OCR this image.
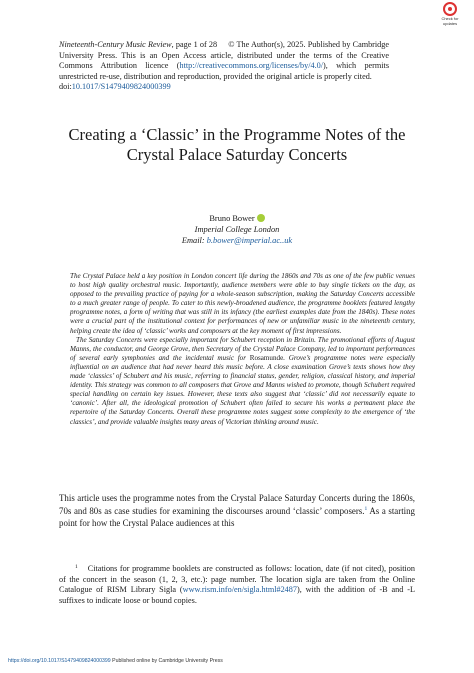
Check for
updates
Nineteenth-Century Music Review, page 1 of 28 © The Author(s), 2025. Published by Cambridge University Press. This is an Open Access article, distributed under the terms of the Creative Commons Attribution licence (http://creativecommons.org/licenses/by/4.0/), which permits unrestricted re-use, distribution and reproduction, provided the original article is properly cited.
doi:10.1017/S1479409824000399
Creating a ‘Classic’ in the Programme Notes of the Crystal Palace Saturday Concerts
Bruno Bower
Imperial College London
Email: b.bower@imperial.ac..uk

The Crystal Palace held a key position in London concert life during the 1860s and 70s as one of the few public venues to host high quality orchestral music. Importantly, audience members were able to buy single tickets on the day, as opposed to the prevailing practice of paying for a whole-season subscription, making the Saturday Concerts accessible to a much greater range of people. To cater to this newly-broadened audience, the programme booklets featured lengthy programme notes, a form of writing that was still in its infancy (the earliest examples date from the 1840s). These notes were a crucial part of the institutional context for performances of new or unfamiliar music in the nineteenth century, helping create the idea of ‘classic’ works and composers at the key moment of first impressions.

The Saturday Concerts were especially important for Schubert reception in Britain. The promotional efforts of August Manns, the conductor, and George Grove, then Secretary of the Crystal Palace Company, led to important performances of several early symphonies and the incidental music for Rosamunde. Grove’s programme notes were especially influential on an audience that had never heard this music before. A close examination Grove’s texts shows how they made ‘classics’ of Schubert and his music, referring to financial status, gender, religion, classical history, and imperial identity. This strategy was common to all composers that Grove and Manns wished to promote, though Schubert required special handling on certain key issues. However, these texts also suggest that ‘classic’ did not necessarily equate to ‘canonic’. After all, the ideological promotion of Schubert often failed to secure his works a permanent place the repertoire of the Saturday Concerts. Overall these programme notes suggest some complexity to the emergence of ‘the classics’, and provide valuable insights many areas of Victorian thinking around music.

This article uses the programme notes from the Crystal Palace Saturday Concerts during the 1860s, 70s and 80s as case studies for examining the discourses around ‘classic’ composers.$^1$ As a starting point for how the Crystal Palace audiences at this
$^1$ Citations for programme booklets are constructed as follows: location, date (if not cited), position of the concert in the season (1, 2, 3, etc.): page number. The location sigla are taken from the Online Catalogue of RISM Library Sigla (www.rism.info/en/sigla.html#2487), with the addition of -B and -L suffixes to indicate loose or bound copies.
https://doi.org/10.1017/S1479409824000399 Published online by Cambridge University Press
